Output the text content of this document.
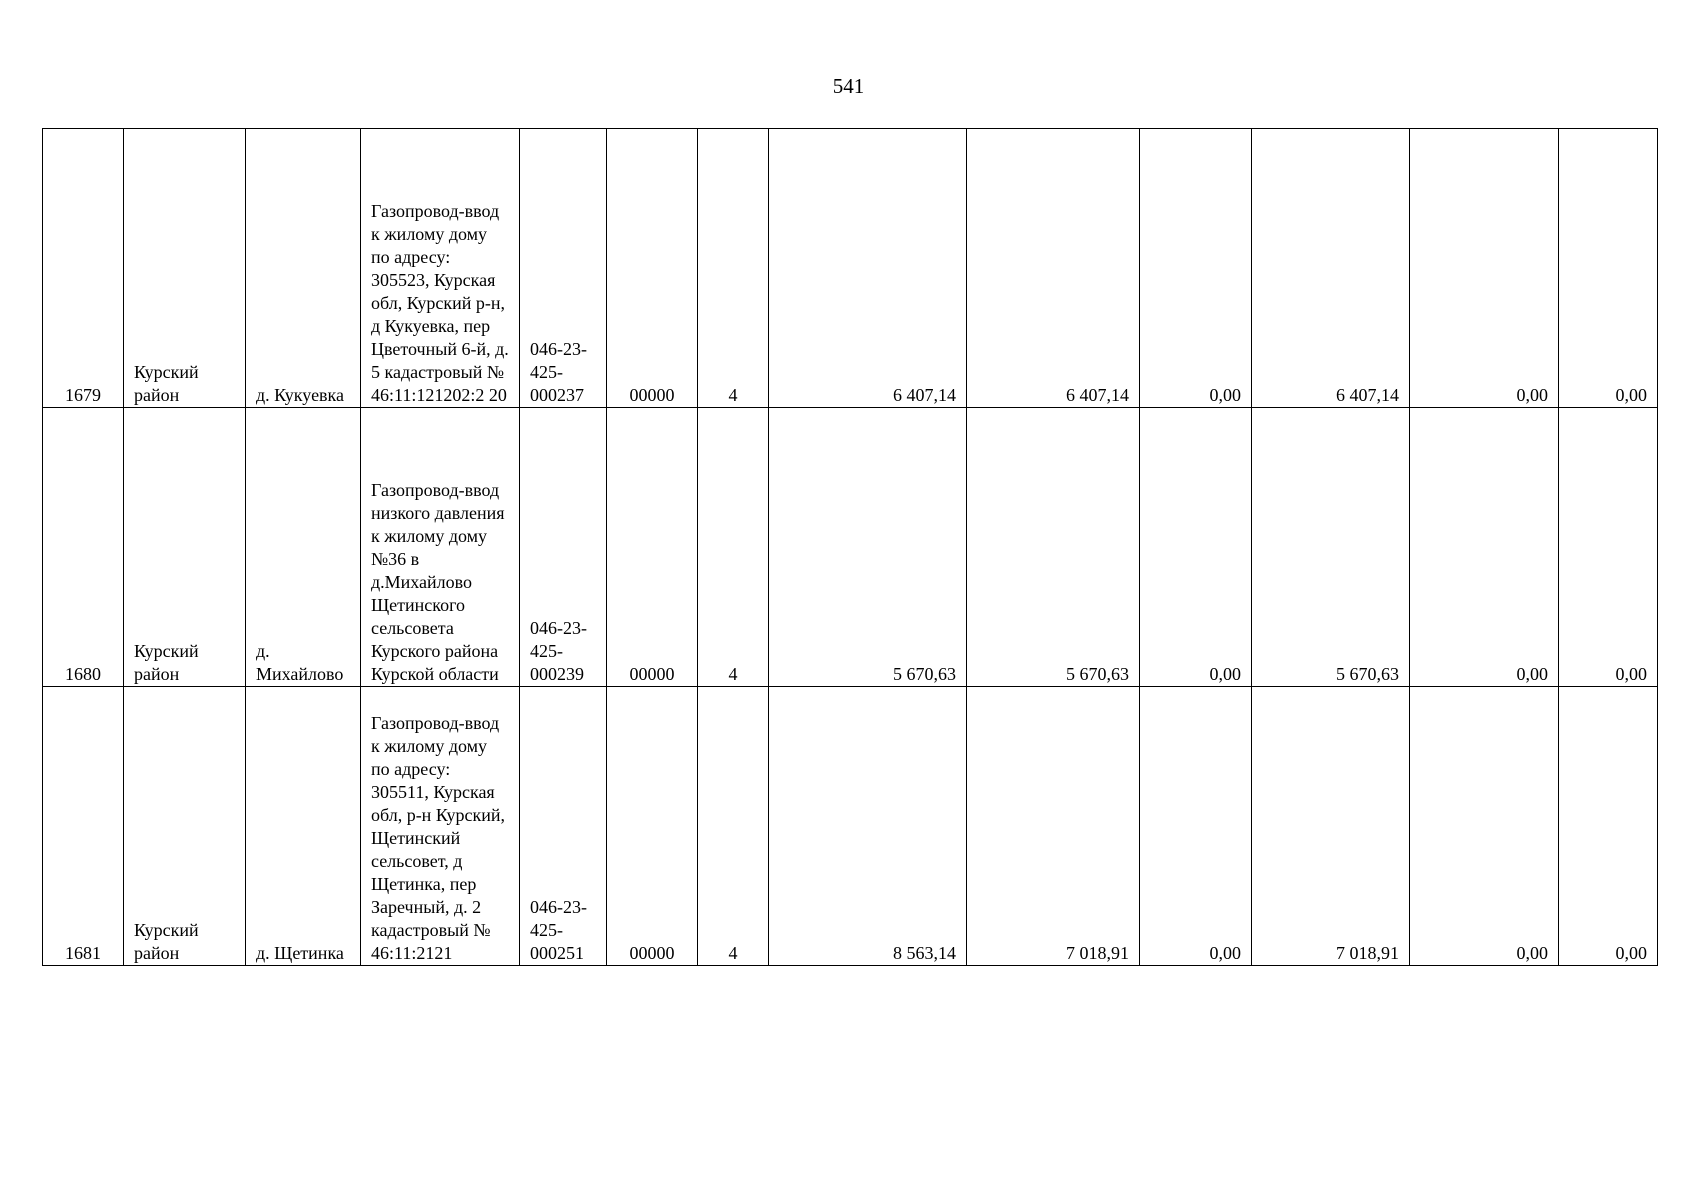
541
1679	Курский район	д. Кукуевка	Газопровод-ввод к жилому дому по адресу: 305523, Курская обл, Курский р-н, д Кукуевка, пер Цветочный 6-й, д. 5 кадастровый № 46:11:121202:2 20	046-23-425-000237	00000	4	6 407,14	6 407,14	0,00	6 407,14	0,00	0,00
1680	Курский район	д. Михайлово	Газопровод-ввод низкого давления к жилому дому №36 в д.Михайлово Щетинского сельсовета Курского района Курской области	046-23-425-000239	00000	4	5 670,63	5 670,63	0,00	5 670,63	0,00	0,00
1681	Курский район	д. Щетинка	Газопровод-ввод к жилому дому по адресу: 305511, Курская обл, р-н Курский, Щетинский сельсовет, д Щетинка, пер Заречный, д. 2 кадастровый № 46:11:2121	046-23-425-000251	00000	4	8 563,14	7 018,91	0,00	7 018,91	0,00	0,00
